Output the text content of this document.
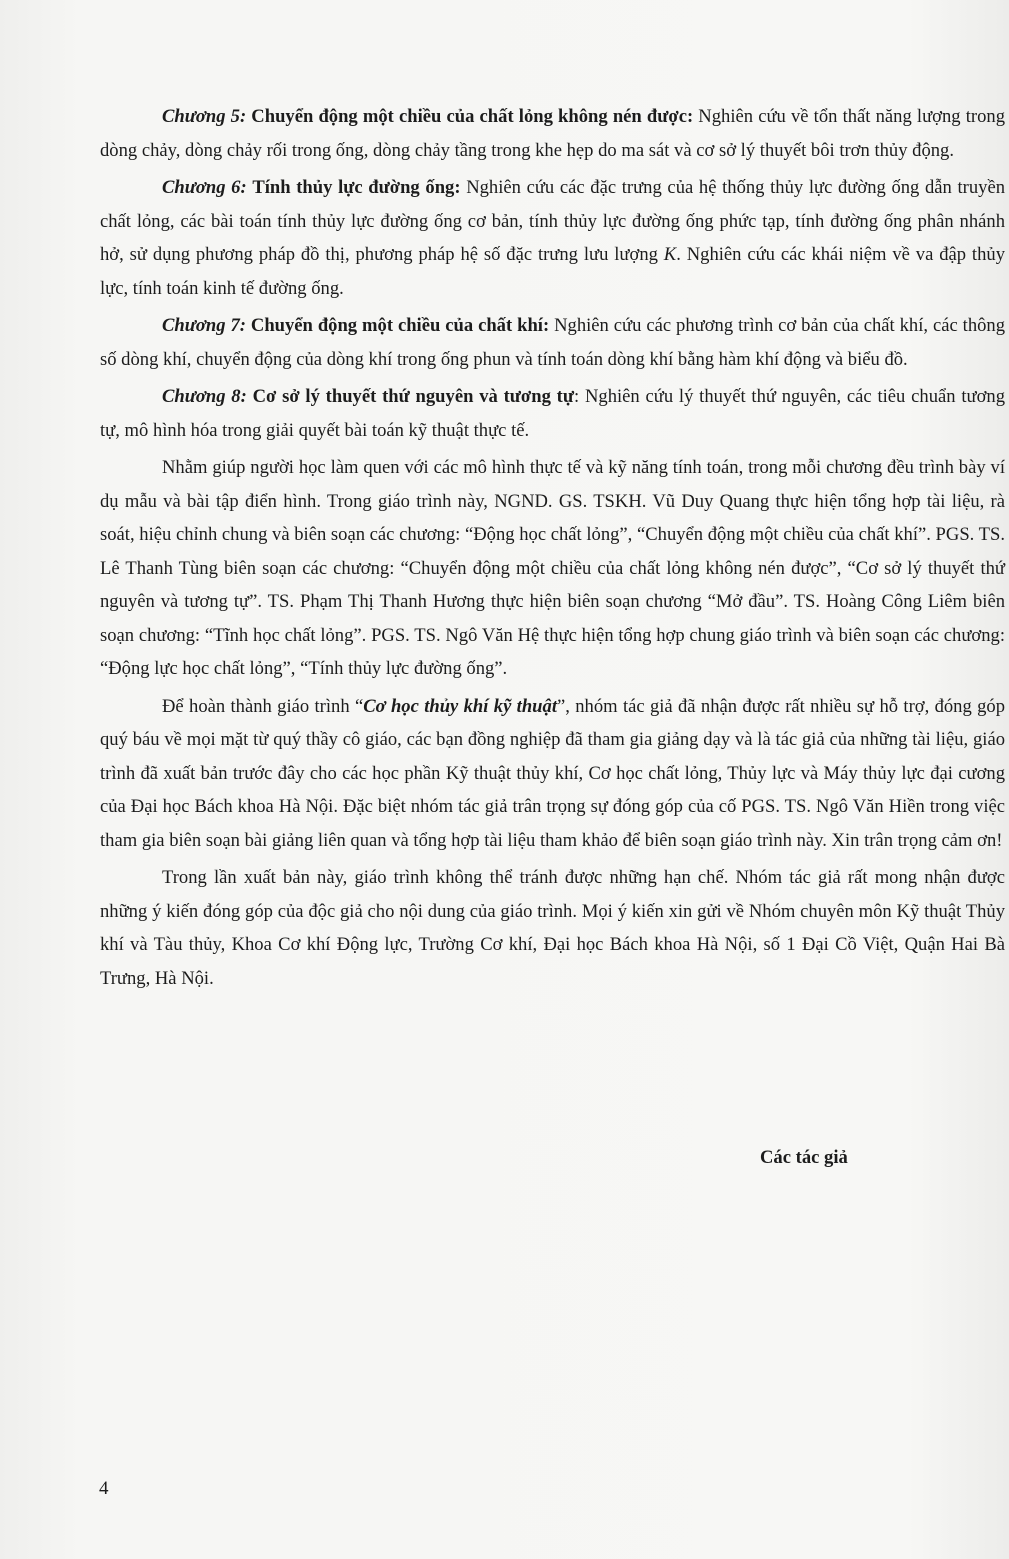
Chương 5: Chuyển động một chiều của chất lỏng không nén được: Nghiên cứu về tổn thất năng lượng trong dòng chảy, dòng chảy rối trong ống, dòng chảy tầng trong khe hẹp do ma sát và cơ sở lý thuyết bôi trơn thủy động.

Chương 6: Tính thủy lực đường ống: Nghiên cứu các đặc trưng của hệ thống thủy lực đường ống dẫn truyền chất lỏng, các bài toán tính thủy lực đường ống cơ bản, tính thủy lực đường ống phức tạp, tính đường ống phân nhánh hở, sử dụng phương pháp đồ thị, phương pháp hệ số đặc trưng lưu lượng K. Nghiên cứu các khái niệm về va đập thủy lực, tính toán kinh tế đường ống.

Chương 7: Chuyển động một chiều của chất khí: Nghiên cứu các phương trình cơ bản của chất khí, các thông số dòng khí, chuyển động của dòng khí trong ống phun và tính toán dòng khí bằng hàm khí động và biểu đồ.

Chương 8: Cơ sở lý thuyết thứ nguyên và tương tự: Nghiên cứu lý thuyết thứ nguyên, các tiêu chuẩn tương tự, mô hình hóa trong giải quyết bài toán kỹ thuật thực tế.

Nhằm giúp người học làm quen với các mô hình thực tế và kỹ năng tính toán, trong mỗi chương đều trình bày ví dụ mẫu và bài tập điển hình. Trong giáo trình này, NGND. GS. TSKH. Vũ Duy Quang thực hiện tổng hợp tài liệu, rà soát, hiệu chỉnh chung và biên soạn các chương: “Động học chất lỏng”, “Chuyển động một chiều của chất khí”. PGS. TS. Lê Thanh Tùng biên soạn các chương: “Chuyển động một chiều của chất lỏng không nén được”, “Cơ sở lý thuyết thứ nguyên và tương tự”. TS. Phạm Thị Thanh Hương thực hiện biên soạn chương “Mở đầu”. TS. Hoàng Công Liêm biên soạn chương: “Tĩnh học chất lỏng”. PGS. TS. Ngô Văn Hệ thực hiện tổng hợp chung giáo trình và biên soạn các chương: “Động lực học chất lỏng”, “Tính thủy lực đường ống”.

Để hoàn thành giáo trình “Cơ học thủy khí kỹ thuật”, nhóm tác giả đã nhận được rất nhiều sự hỗ trợ, đóng góp quý báu về mọi mặt từ quý thầy cô giáo, các bạn đồng nghiệp đã tham gia giảng dạy và là tác giả của những tài liệu, giáo trình đã xuất bản trước đây cho các học phần Kỹ thuật thủy khí, Cơ học chất lỏng, Thủy lực và Máy thủy lực đại cương của Đại học Bách khoa Hà Nội. Đặc biệt nhóm tác giả trân trọng sự đóng góp của cố PGS. TS. Ngô Văn Hiền trong việc tham gia biên soạn bài giảng liên quan và tổng hợp tài liệu tham khảo để biên soạn giáo trình này. Xin trân trọng cảm ơn!

Trong lần xuất bản này, giáo trình không thể tránh được những hạn chế. Nhóm tác giả rất mong nhận được những ý kiến đóng góp của độc giả cho nội dung của giáo trình. Mọi ý kiến xin gửi về Nhóm chuyên môn Kỹ thuật Thủy khí và Tàu thủy, Khoa Cơ khí Động lực, Trường Cơ khí, Đại học Bách khoa Hà Nội, số 1 Đại Cồ Việt, Quận Hai Bà Trưng, Hà Nội.

Các tác giả
4
